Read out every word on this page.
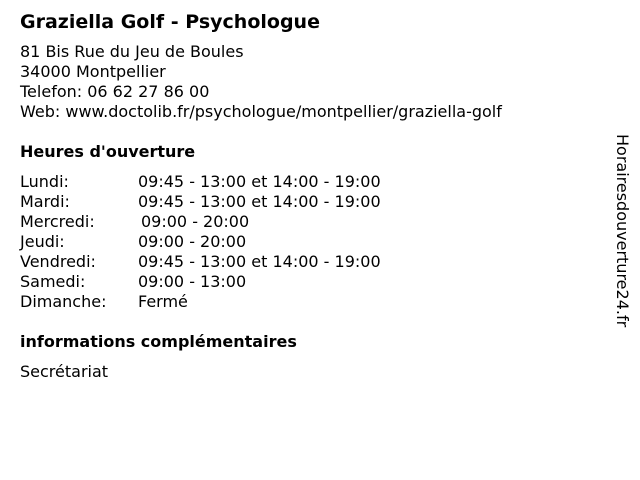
Graziella Golf - Psychologue
81 Bis Rue du Jeu de Boules
34000 Montpellier
Telefon: 06 62 27 86 00
Web: www.doctolib.fr/psychologue/montpellier/graziella-golf
Heures d'ouverture
Lundi:	09:45 - 13:00 et 14:00 - 19:00
Mardi:	09:45 - 13:00 et 14:00 - 19:00
Mercredi:	09:00 - 20:00
Jeudi:	09:00 - 20:00
Vendredi:	09:45 - 13:00 et 14:00 - 19:00
Samedi:	09:00 - 13:00
Dimanche:	Fermé
informations complémentaires
Secrétariat
Horairesdouverture24.fr
